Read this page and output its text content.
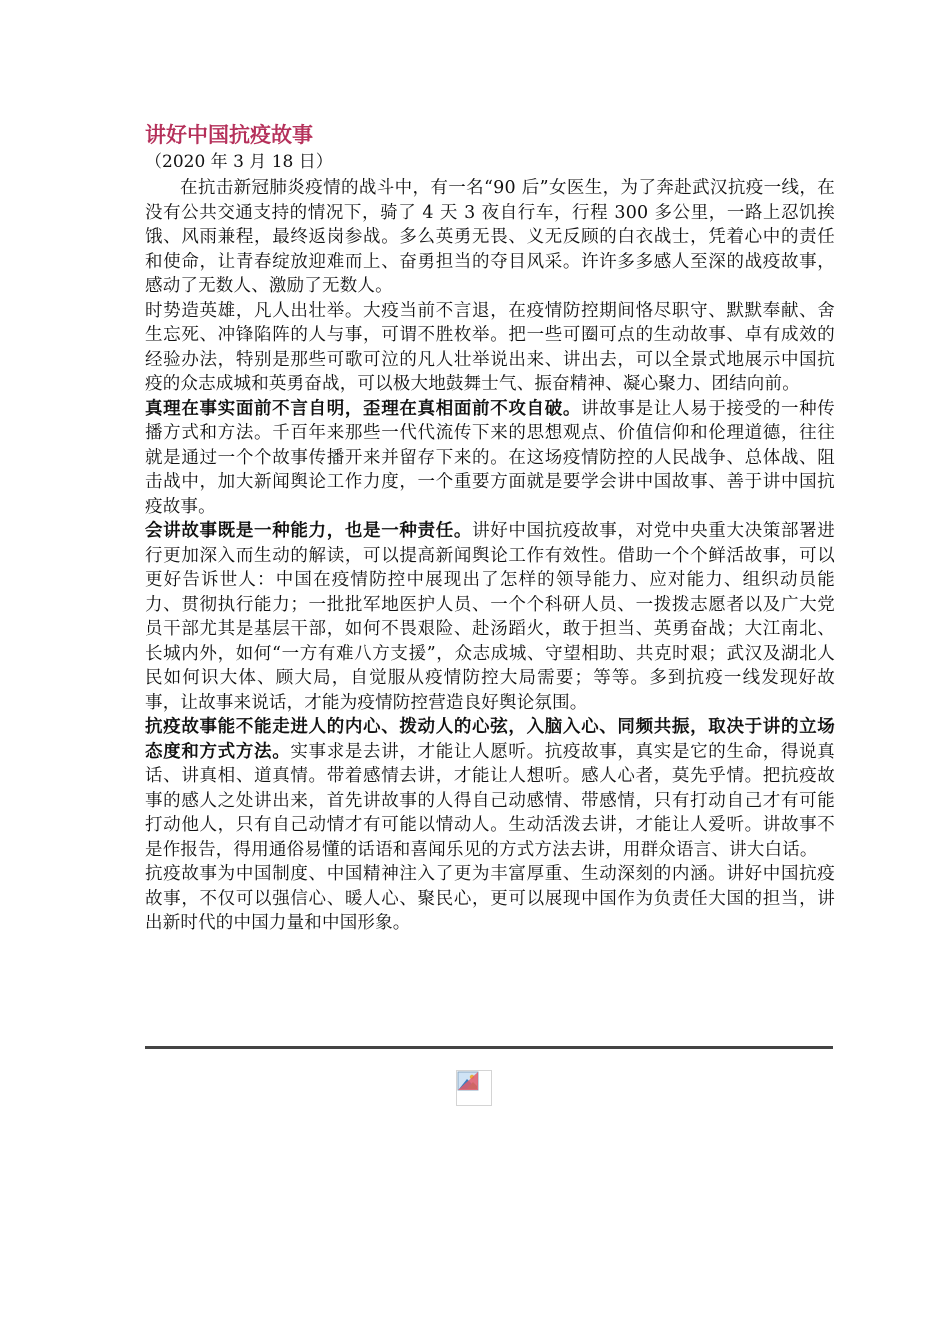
讲好中国抗疫故事

（2020 年 3 月 18 日）

在抗击新冠肺炎疫情的战斗中，有一名“90 后”女医生，为了奔赴武汉抗疫一线，在没有公共交通支持的情况下，骑了 4 天 3 夜自行车，行程 300 多公里，一路上忍饥挨饿、风雨兼程，最终返岗参战。多么英勇无畏、义无反顾的白衣战士，凭着心中的责任和使命，让青春绽放迎难而上、奋勇担当的夺目风采。许许多多感人至深的战疫故事，感动了无数人、激励了无数人。

时势造英雄，凡人出壮举。大疫当前不言退，在疫情防控期间恪尽职守、默默奉献、舍生忘死、冲锋陷阵的人与事，可谓不胜枚举。把一些可圈可点的生动故事、卓有成效的经验办法，特别是那些可歌可泣的凡人壮举说出来、讲出去，可以全景式地展示中国抗疫的众志成城和英勇奋战，可以极大地鼓舞士气、振奋精神、凝心聚力、团结向前。

真理在事实面前不言自明，歪理在真相面前不攻自破。讲故事是让人易于接受的一种传播方式和方法。千百年来那些一代代流传下来的思想观点、价值信仰和伦理道德，往往就是通过一个个故事传播开来并留存下来的。在这场疫情防控的人民战争、总体战、阻击战中，加大新闻舆论工作力度，一个重要方面就是要学会讲中国故事、善于讲中国抗疫故事。

会讲故事既是一种能力，也是一种责任。讲好中国抗疫故事，对党中央重大决策部署进行更加深入而生动的解读，可以提高新闻舆论工作有效性。借助一个个鲜活故事，可以更好告诉世人：中国在疫情防控中展现出了怎样的领导能力、应对能力、组织动员能力、贯彻执行能力；一批批军地医护人员、一个个科研人员、一拨拨志愿者以及广大党员干部尤其是基层干部，如何不畏艰险、赴汤蹈火，敢于担当、英勇奋战；大江南北、长城内外，如何“一方有难八方支援”，众志成城、守望相助、共克时艰；武汉及湖北人民如何识大体、顾大局，自觉服从疫情防控大局需要；等等。多到抗疫一线发现好故事，让故事来说话，才能为疫情防控营造良好舆论氛围。

抗疫故事能不能走进人的内心、拨动人的心弦，入脑入心、同频共振，取决于讲的立场态度和方式方法。实事求是去讲，才能让人愿听。抗疫故事，真实是它的生命，得说真话、讲真相、道真情。带着感情去讲，才能让人想听。感人心者，莫先乎情。把抗疫故事的感人之处讲出来，首先讲故事的人得自己动感情、带感情，只有打动自己才有可能打动他人，只有自己动情才有可能以情动人。生动活泼去讲，才能让人爱听。讲故事不是作报告，得用通俗易懂的话语和喜闻乐见的方式方法去讲，用群众语言、讲大白话。

抗疫故事为中国制度、中国精神注入了更为丰富厚重、生动深刻的内涵。讲好中国抗疫故事，不仅可以强信心、暖人心、聚民心，更可以展现中国作为负责任大国的担当，讲出新时代的中国力量和中国形象。
